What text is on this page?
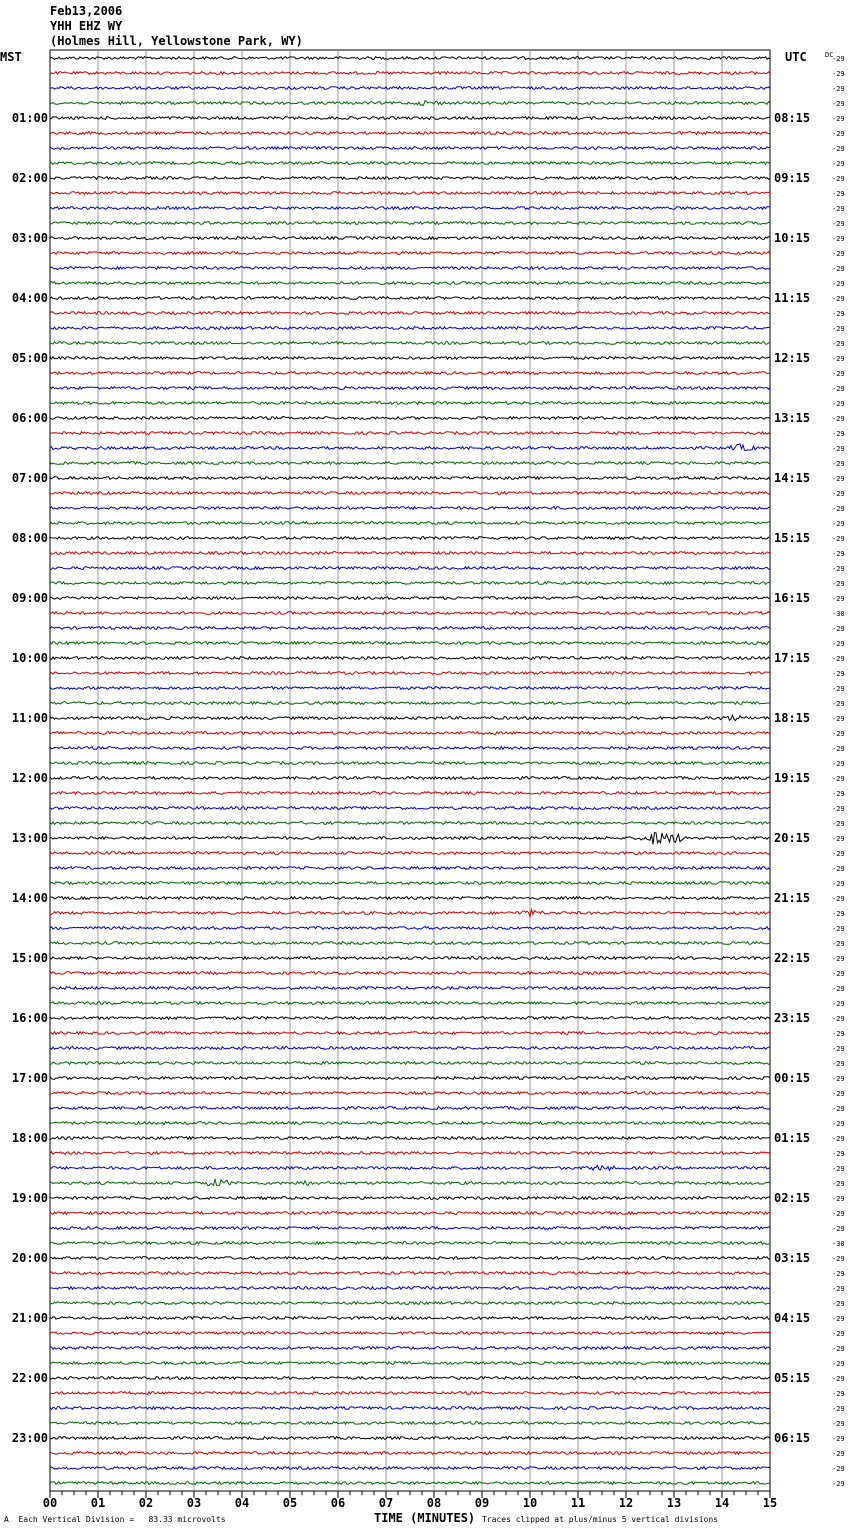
Feb13,2006
YHH EHZ WY
(Holmes Hill, Yellowstone Park, WY)
MST	UTC
01:00
02:00
03:00
04:00
05:00
06:00
07:00
08:00
09:00
10:00
11:00
12:00
13:00
14:00
15:00
16:00
17:00
18:00
19:00
20:00
21:00
22:00
23:00
08:15
09:15
10:15
11:15
12:15
13:15
14:15
15:15
16:15
17:15
18:15
19:15
20:15
21:15
22:15
23:15
00:15
01:15
02:15
03:15
04:15
05:15
06:15
DC
-29
-29
-29
-29
-29
-29
-29
-29
-29
-29
-29
-29
-29
-29
-29
-29
-29
-29
-29
-29
-29
-29
-29
-29
-29
-29
-29
-29
-29
-29
-29
-29
-29
-29
-29
-29
-29
-30
-29
-29
-29
-29
-29
-29
-29
-29
-29
-29
-29
-29
-29
-29
-29
-29
-29
-29
-29
-29
-29
-29
-29
-29
-29
-29
-29
-29
-29
-29
-29
-29
-29
-29
-29
-29
-29
-29
-29
-29
-29
-30
-29
-29
-29
-29
-29
-29
-29
-29
-29
-29
-29
-29
-29
-29
-29
-29
00	01	02	03	04	05	06	07	08	09	10	11	12	13	14	15
A Each Vertical Division =   83.33 microvolts	TIME (MINUTES) Traces clipped at plus/minus 5 vertical divisions
